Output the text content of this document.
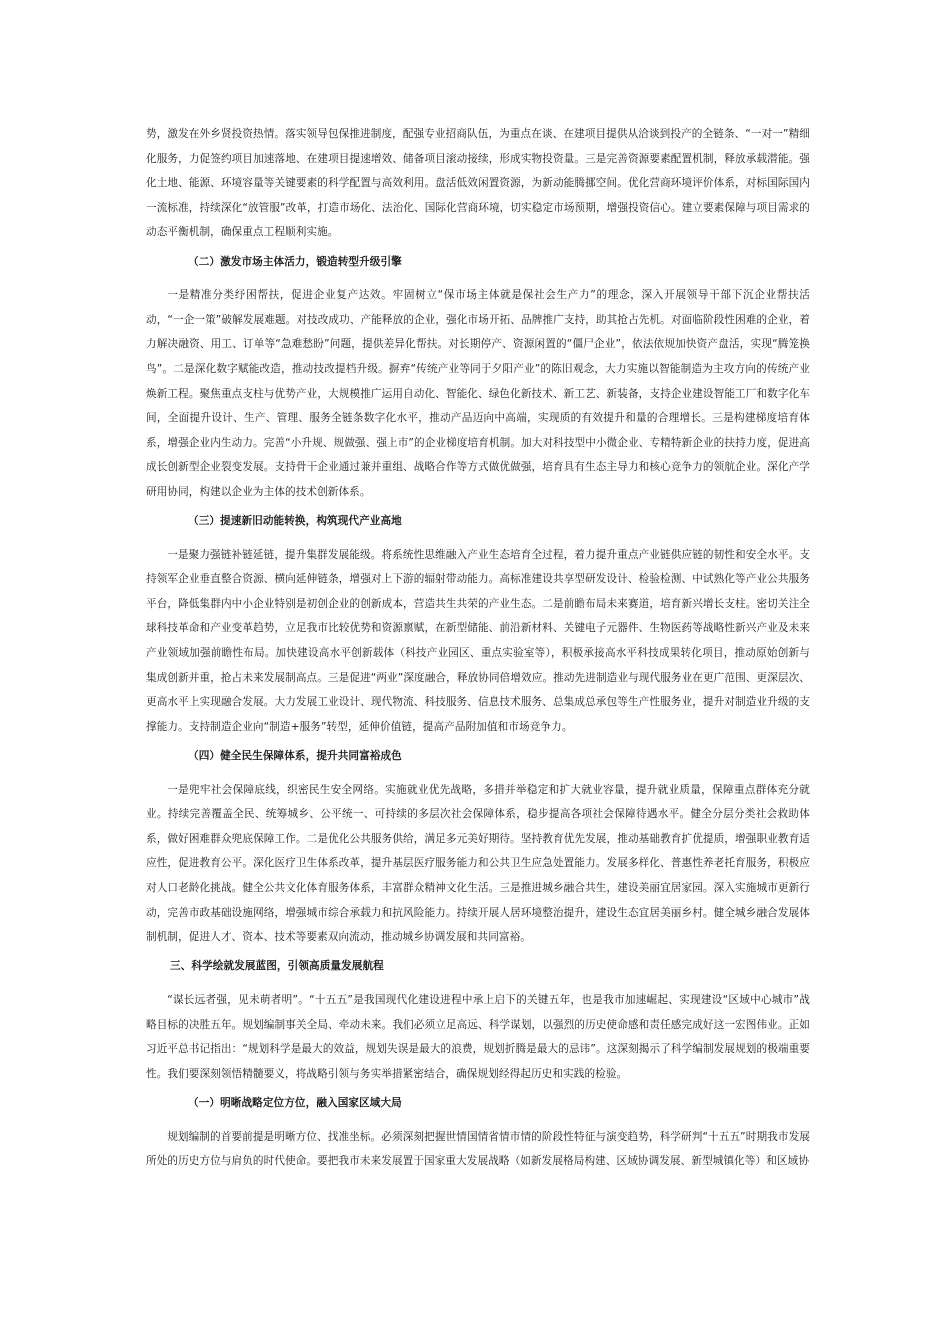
势，激发在外乡贤投资热情。落实领导包保推进制度，配强专业招商队伍，为重点在谈、在建项目提供从洽谈到投产的全链条、“一对一”精细化服务，力促签约项目加速落地、在建项目提速增效、储备项目滚动接续，形成实物投资量。三是完善资源要素配置机制，释放承载潜能。强化土地、能源、环境容量等关键要素的科学配置与高效利用。盘活低效闲置资源，为新动能腾挪空间。优化营商环境评价体系，对标国际国内一流标准，持续深化“放管服”改革，打造市场化、法治化、国际化营商环境，切实稳定市场预期，增强投资信心。建立要素保障与项目需求的动态平衡机制，确保重点工程顺利实施。

（二）激发市场主体活力，锻造转型升级引擎

一是精准分类纾困帮扶，促进企业复产达效。牢固树立“保市场主体就是保社会生产力”的理念，深入开展领导干部下沉企业帮扶活动，“一企一策”破解发展难题。对技改成功、产能释放的企业，强化市场开拓、品牌推广支持，助其抢占先机。对面临阶段性困难的企业，着力解决融资、用工、订单等“急难愁盼”问题，提供差异化帮扶。对长期停产、资源闲置的“僵尸企业”，依法依规加快资产盘活，实现“腾笼换鸟”。二是深化数字赋能改造，推动技改提档升级。摒弃“传统产业等同于夕阳产业”的陈旧观念，大力实施以智能制造为主攻方向的传统产业焕新工程。聚焦重点支柱与优势产业，大规模推广运用自动化、智能化、绿色化新技术、新工艺、新装备，支持企业建设智能工厂和数字化车间，全面提升设计、生产、管理、服务全链条数字化水平，推动产品迈向中高端，实现质的有效提升和量的合理增长。三是构建梯度培育体系，增强企业内生动力。完善“小升规、规做强、强上市”的企业梯度培育机制。加大对科技型中小微企业、专精特新企业的扶持力度，促进高成长创新型企业裂变发展。支持骨干企业通过兼并重组、战略合作等方式做优做强，培育具有生态主导力和核心竞争力的领航企业。深化产学研用协同，构建以企业为主体的技术创新体系。

（三）提速新旧动能转换，构筑现代产业高地

一是聚力强链补链延链，提升集群发展能级。将系统性思维融入产业生态培育全过程，着力提升重点产业链供应链的韧性和安全水平。支持领军企业垂直整合资源、横向延伸链条，增强对上下游的辐射带动能力。高标准建设共享型研发设计、检验检测、中试熟化等产业公共服务平台，降低集群内中小企业特别是初创企业的创新成本，营造共生共荣的产业生态。二是前瞻布局未来赛道，培育新兴增长支柱。密切关注全球科技革命和产业变革趋势，立足我市比较优势和资源禀赋，在新型储能、前沿新材料、关键电子元器件、生物医药等战略性新兴产业及未来产业领域加强前瞻性布局。加快建设高水平创新载体（科技产业园区、重点实验室等），积极承接高水平科技成果转化项目，推动原始创新与集成创新并重，抢占未来发展制高点。三是促进“两业”深度融合，释放协同倍增效应。推动先进制造业与现代服务业在更广范围、更深层次、更高水平上实现融合发展。大力发展工业设计、现代物流、科技服务、信息技术服务、总集成总承包等生产性服务业，提升对制造业升级的支撑能力。支持制造企业向“制造+服务”转型，延伸价值链，提高产品附加值和市场竞争力。

（四）健全民生保障体系，提升共同富裕成色

一是兜牢社会保障底线，织密民生安全网络。实施就业优先战略，多措并举稳定和扩大就业容量，提升就业质量，保障重点群体充分就业。持续完善覆盖全民、统筹城乡、公平统一、可持续的多层次社会保障体系，稳步提高各项社会保障待遇水平。健全分层分类社会救助体系，做好困难群众兜底保障工作。二是优化公共服务供给，满足多元美好期待。坚持教育优先发展，推动基础教育扩优提质，增强职业教育适应性，促进教育公平。深化医疗卫生体系改革，提升基层医疗服务能力和公共卫生应急处置能力。发展多样化、普惠性养老托育服务，积极应对人口老龄化挑战。健全公共文化体育服务体系，丰富群众精神文化生活。三是推进城乡融合共生，建设美丽宜居家园。深入实施城市更新行动，完善市政基础设施网络，增强城市综合承载力和抗风险能力。持续开展人居环境整治提升，建设生态宜居美丽乡村。健全城乡融合发展体制机制，促进人才、资本、技术等要素双向流动，推动城乡协调发展和共同富裕。

三、科学绘就发展蓝图，引领高质量发展航程

“谋长远者强，见未萌者明”。“十五五”是我国现代化建设进程中承上启下的关键五年，也是我市加速崛起、实现建设“区域中心城市”战略目标的决胜五年。规划编制事关全局、牵动未来。我们必须立足高远、科学谋划，以强烈的历史使命感和责任感完成好这一宏图伟业。正如习近平总书记指出：“规划科学是最大的效益，规划失误是最大的浪费，规划折腾是最大的忌讳”。这深刻揭示了科学编制发展规划的极端重要性。我们要深刻领悟精髓要义，将战略引领与务实举措紧密结合，确保规划经得起历史和实践的检验。

（一）明晰战略定位方位，融入国家区域大局

规划编制的首要前提是明晰方位、找准坐标。必须深刻把握世情国情省情市情的阶段性特征与演变趋势，科学研判“十五五”时期我市发展所处的历史方位与肩负的时代使命。要把我市未来发展置于国家重大发展战略（如新发展格局构建、区域协调发展、新型城镇化等）和区域协
